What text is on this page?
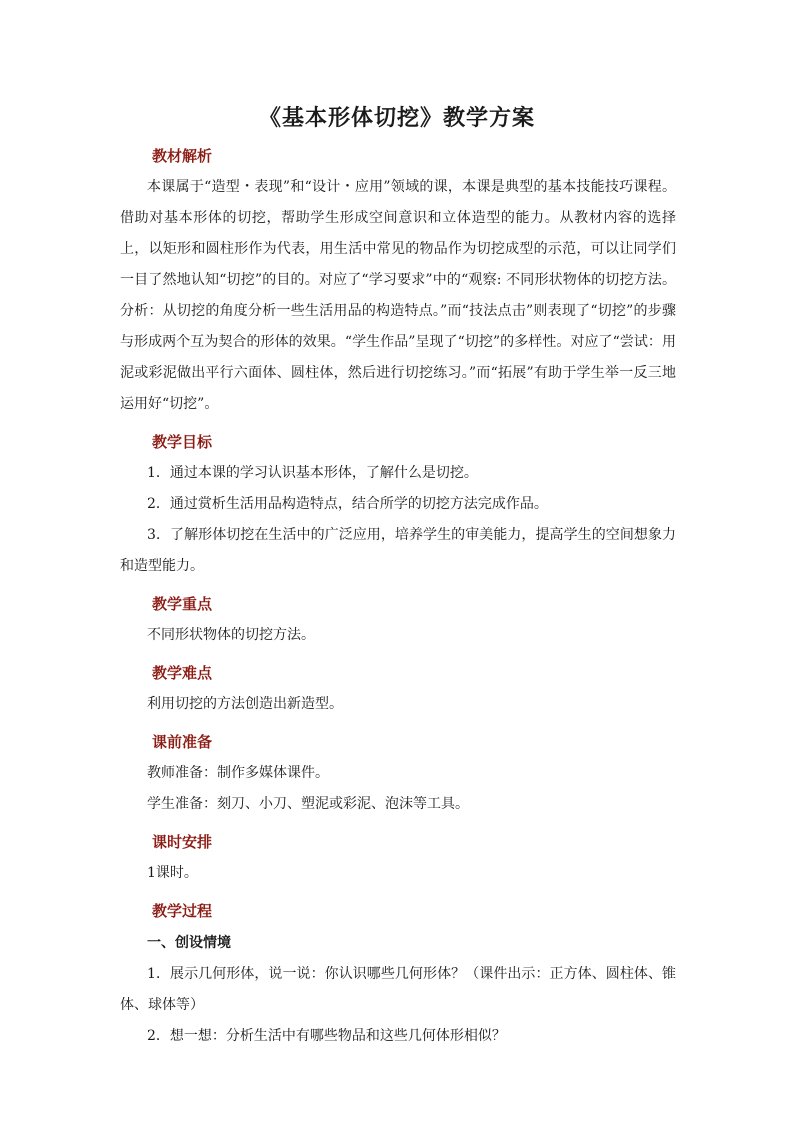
《基本形体切挖》教学方案
教材解析

本课属于“造型・表现”和“设计・应用”领域的课，本课是典型的基本技能技巧课程。借助对基本形体的切挖，帮助学生形成空间意识和立体造型的能力。从教材内容的选择上，以矩形和圆柱形作为代表，用生活中常见的物品作为切挖成型的示范，可以让同学们一目了然地认知“切挖”的目的。对应了“学习要求”中的“观察: 不同形状物体的切挖方法。分析：从切挖的角度分析一些生活用品的构造特点。”而“技法点击”则表现了“切挖”的步骤与形成两个互为契合的形体的效果。“学生作品”呈现了“切挖”的多样性。对应了“尝试：用泥或彩泥做出平行六面体、圆柱体，然后进行切挖练习。”而“拓展”有助于学生举一反三地运用好“切挖”。

教学目标

1．通过本课的学习认识基本形体，了解什么是切挖。

2．通过赏析生活用品构造特点，结合所学的切挖方法完成作品。

3．了解形体切挖在生活中的广泛应用，培养学生的审美能力，提高学生的空间想象力和造型能力。

教学重点

不同形状物体的切挖方法。

教学难点

利用切挖的方法创造出新造型。

课前准备

教师准备：制作多媒体课件。

学生准备：刻刀、小刀、塑泥或彩泥、泡沫等工具。

课时安排

1课时。

教学过程
一、创设情境

1．展示几何形体，说一说：你认识哪些几何形体？（课件出示：正方体、圆柱体、锥体、球体等）

2．想一想：分析生活中有哪些物品和这些几何体形相似？
